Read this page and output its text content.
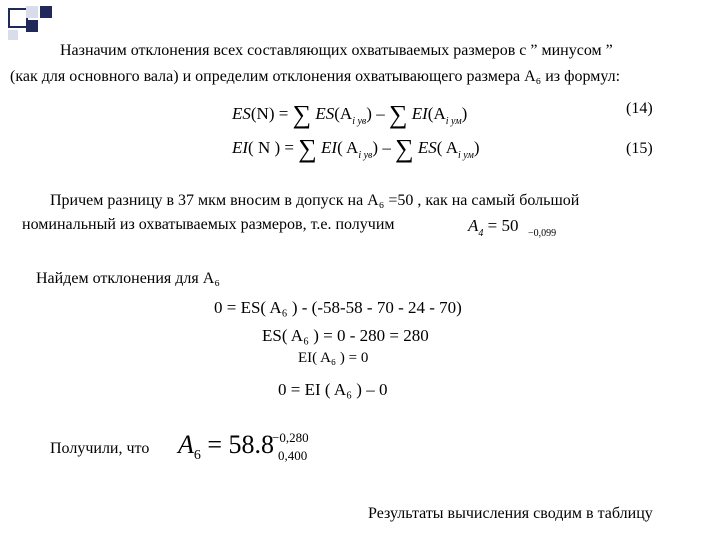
Назначим отклонения всех составляющих охватываемых размеров с ” минусом ”
(как для основного вала) и определим отклонения охватывающего размера А₆ из формул:
ES(N) = ∑ $ES(A_{i ув})$ – ∑ $EI(A_{i ум})$	(14)
EI( N ) = ∑ EI( $A_{i ув}$) – ∑ ES( $A_{i ум}$)	(15)
Причем разницу в 37 мкм вносим в допуск на А₆ =50 , как на самый большой
номинальный из охватываемых размеров, т.е. получим	$A_4 = 50 -0,099$
Найдем отклонения для А₆
0 = ES( A₆ ) - (-58-58 - 70 - 24 - 70)
ES( A₆ ) = 0 - 280 = 280
EI( A₆ ) = 0
0 = EI ( A₆ ) – 0
Получили, что $A_6 = 58.8$
−0,280
0,400
Результаты вычисления сводим в таблицу
